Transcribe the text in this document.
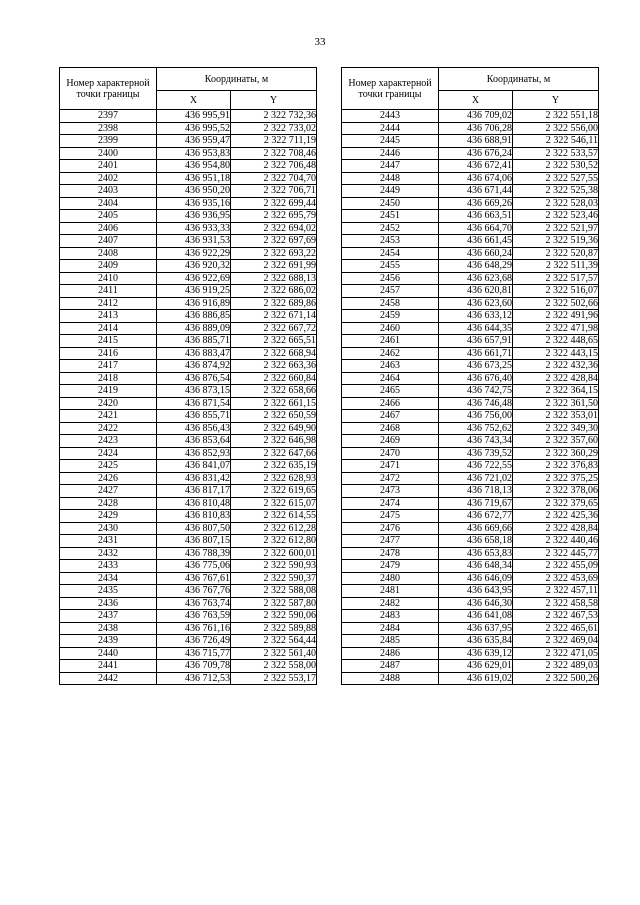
33
Номер характерной точки границы	Координаты, м	
	X	Y
2397	436 995,91	2 322 732,36
2398	436 995,52	2 322 733,02
2399	436 959,47	2 322 711,19
2400	436 953,83	2 322 708,46
2401	436 954,80	2 322 706,48
2402	436 951,18	2 322 704,70
2403	436 950,20	2 322 706,71
2404	436 935,16	2 322 699,44
2405	436 936,95	2 322 695,79
2406	436 933,33	2 322 694,02
2407	436 931,53	2 322 697,69
2408	436 922,29	2 322 693,22
2409	436 920,32	2 322 691,99
2410	436 922,69	2 322 688,13
2411	436 919,25	2 322 686,02
2412	436 916,89	2 322 689,86
2413	436 886,85	2 322 671,14
2414	436 889,09	2 322 667,72
2415	436 885,71	2 322 665,51
2416	436 883,47	2 322 668,94
2417	436 874,92	2 322 663,36
2418	436 876,54	2 322 660,84
2419	436 873,15	2 322 658,66
2420	436 871,54	2 322 661,15
2421	436 855,71	2 322 650,59
2422	436 856,43	2 322 649,90
2423	436 853,64	2 322 646,98
2424	436 852,93	2 322 647,66
2425	436 841,07	2 322 635,19
2426	436 831,42	2 322 628,93
2427	436 817,17	2 322 619,65
2428	436 810,48	2 322 615,07
2429	436 810,83	2 322 614,55
2430	436 807,50	2 322 612,28
2431	436 807,15	2 322 612,80
2432	436 788,39	2 322 600,01
2433	436 775,06	2 322 590,93
2434	436 767,61	2 322 590,37
2435	436 767,76	2 322 588,08
2436	436 763,74	2 322 587,80
2437	436 763,59	2 322 590,06
2438	436 761,16	2 322 589,88
2439	436 726,49	2 322 564,44
2440	436 715,77	2 322 561,40
2441	436 709,78	2 322 558,00
2442	436 712,53	2 322 553,17
Номер характерной точки границы	Координаты, м	
	X	Y
2443	436 709,02	2 322 551,18
2444	436 706,28	2 322 556,00
2445	436 688,91	2 322 546,11
2446	436 676,24	2 322 533,57
2447	436 672,41	2 322 530,52
2448	436 674,06	2 322 527,55
2449	436 671,44	2 322 525,38
2450	436 669,26	2 322 528,03
2451	436 663,51	2 322 523,46
2452	436 664,70	2 322 521,97
2453	436 661,45	2 322 519,36
2454	436 660,24	2 322 520,87
2455	436 648,29	2 322 511,39
2456	436 623,68	2 322 517,57
2457	436 620,81	2 322 516,07
2458	436 623,60	2 322 502,66
2459	436 633,12	2 322 491,96
2460	436 644,35	2 322 471,98
2461	436 657,91	2 322 448,65
2462	436 661,71	2 322 443,15
2463	436 673,25	2 322 432,36
2464	436 676,40	2 322 428,84
2465	436 742,75	2 322 364,15
2466	436 746,48	2 322 361,50
2467	436 756,00	2 322 353,01
2468	436 752,62	2 322 349,30
2469	436 743,34	2 322 357,60
2470	436 739,52	2 322 360,29
2471	436 722,55	2 322 376,83
2472	436 721,02	2 322 375,25
2473	436 718,13	2 322 378,06
2474	436 719,67	2 322 379,65
2475	436 672,77	2 322 425,36
2476	436 669,66	2 322 428,84
2477	436 658,18	2 322 440,46
2478	436 653,83	2 322 445,77
2479	436 648,34	2 322 455,09
2480	436 646,09	2 322 453,69
2481	436 643,95	2 322 457,11
2482	436 646,30	2 322 458,58
2483	436 641,08	2 322 467,53
2484	436 637,95	2 322 465,61
2485	436 635,84	2 322 469,04
2486	436 639,12	2 322 471,05
2487	436 629,01	2 322 489,03
2488	436 619,02	2 322 500,26
